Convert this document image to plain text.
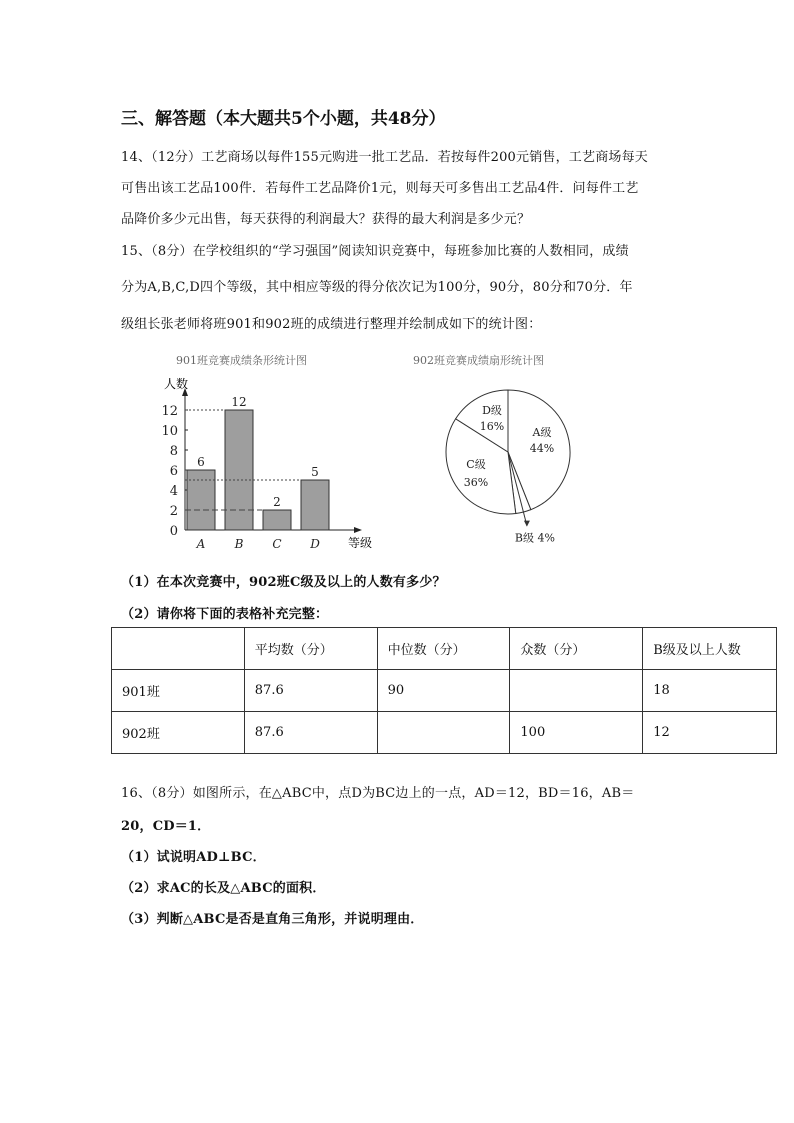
三、解答题（本大题共5个小题，共48分）
14、（12分）工艺商场以每件155元购进一批工艺品．若按每件200元销售，工艺商场每天
可售出该工艺品100件．若每件工艺品降价1元，则每天可多售出工艺品4件．问每件工艺
品降价多少元出售，每天获得的利润最大？获得的最大利润是多少元？
15、（8分）在学校组织的“学习强国”阅读知识竞赛中，每班参加比赛的人数相同，成绩
分为A,B,C,D四个等级，其中相应等级的得分依次记为100分，90分，80分和70分．年
级组长张老师将班901和902班的成绩进行整理并绘制成如下的统计图：
901班竞赛成绩条形统计图	902班竞赛成绩扇形统计图
0
2
4
6
8
10
12
6
A
12
B
2
C
5
D
人数
等级
A级
44%
B级 4%
C级
36%
D级
16%
（1）在本次竞赛中，902班C级及以上的人数有多少？
（2）请你将下面的表格补充完整：
	平均数（分）	中位数（分）	众数（分）	B级及以上人数
901班	87.6	90		18
902班	87.6		100	12
16、（8分）如图所示，在△ABC中，点D为BC边上的一点，AD＝12，BD＝16，AB＝
20，CD＝1．
（1）试说明AD⊥BC．
（2）求AC的长及△ABC的面积．
（3）判断△ABC是否是直角三角形，并说明理由．
